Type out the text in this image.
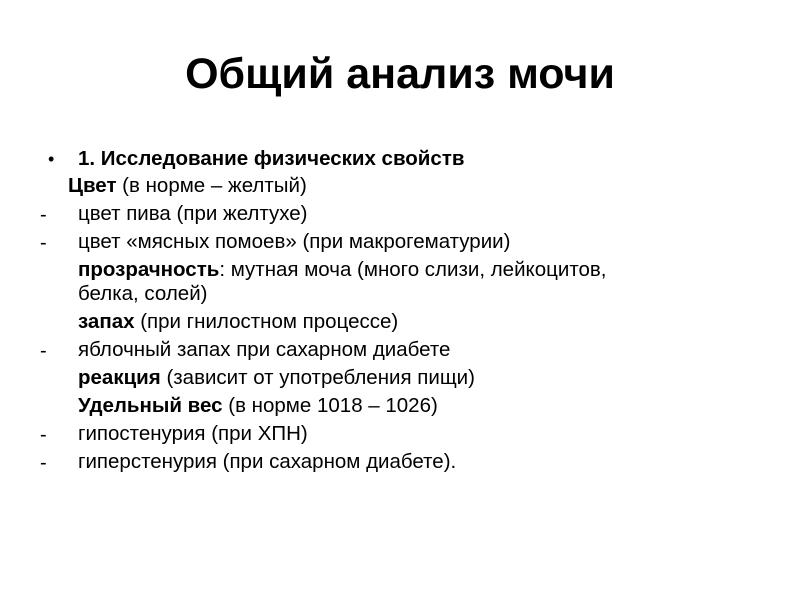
Общий анализ мочи
• 1. Исследование физических свойств
Цвет (в норме – желтый)
- цвет пива (при желтухе)
- цвет «мясных помоев» (при макрогематурии)
прозрачность: мутная моча (много слизи, лейкоцитов,
белка, солей)
запах (при гнилостном процессе)
- яблочный запах при сахарном диабете
реакция (зависит от употребления пищи)
Удельный вес (в норме 1018 – 1026)
- гипостенурия (при ХПН)
- гиперстенурия (при сахарном диабете).
